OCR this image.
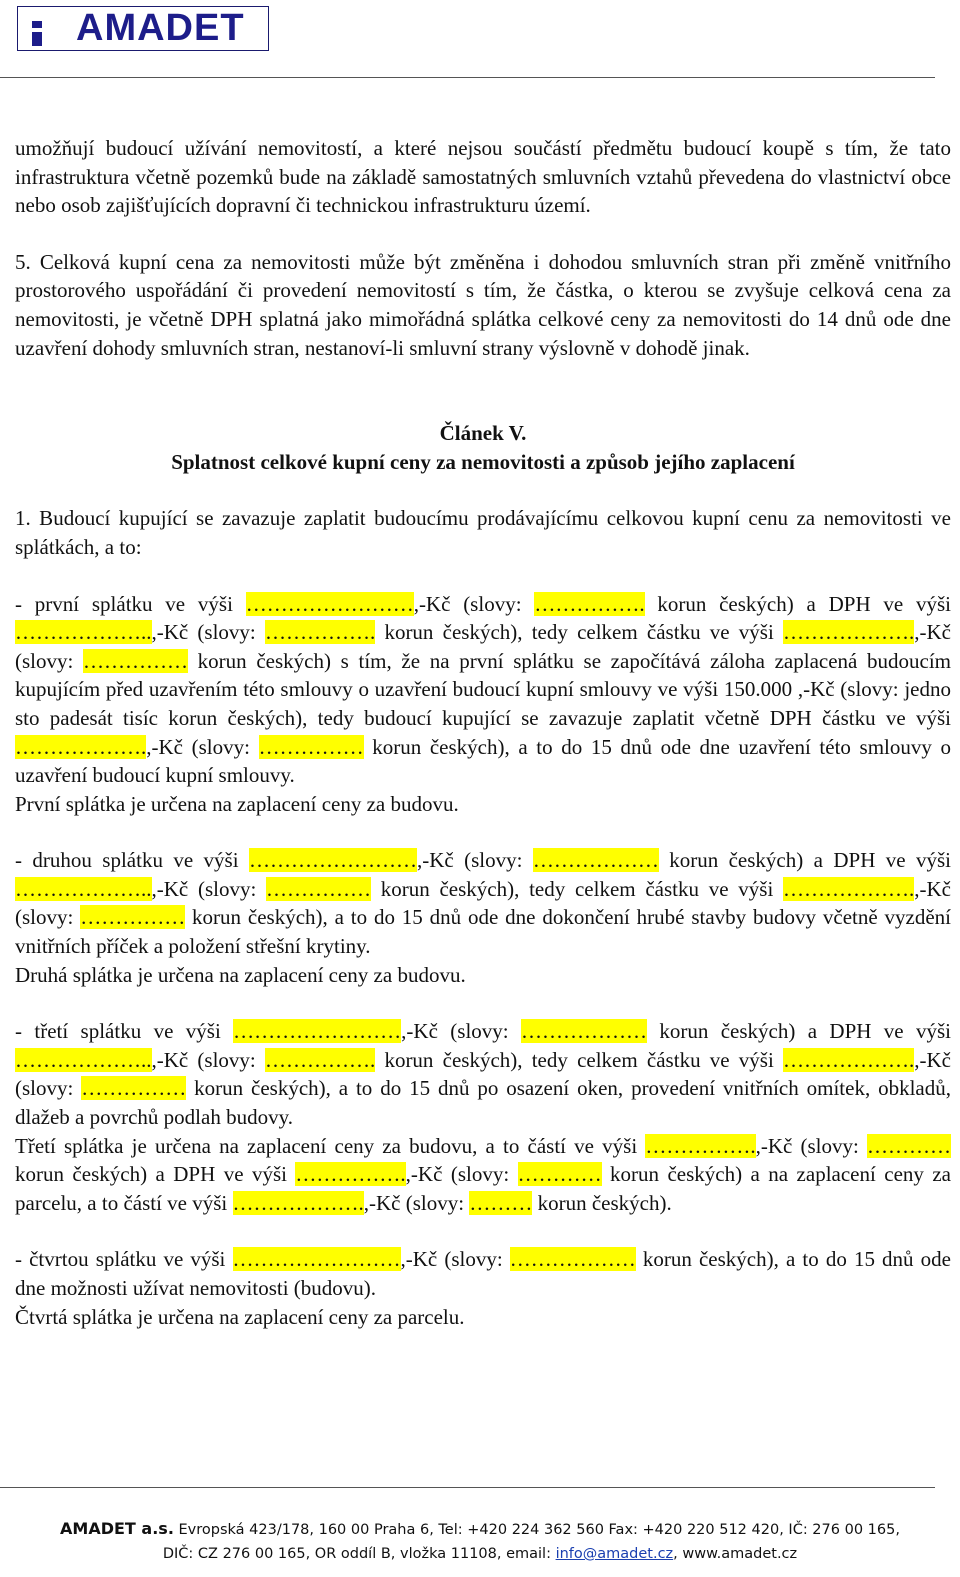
AMADET

umožňují budoucí užívání nemovitostí, a které nejsou součástí předmětu budoucí koupě s tím, že tato infrastruktura včetně pozemků bude na základě samostatných smluvních vztahů převedena do vlastnictví obce nebo osob zajišťujících dopravní či technickou infrastrukturu území.

5. Celková kupní cena za nemovitosti může být změněna i dohodou smluvních stran při změně vnitřního prostorového uspořádání či provedení nemovitostí s tím, že částka, o kterou se zvyšuje celková cena za nemovitosti, je včetně DPH splatná jako mimořádná splátka celkové ceny za nemovitosti do 14 dnů ode dne uzavření dohody smluvních stran, nestanoví-li smluvní strany výslovně v dohodě jinak.

Článek V.

Splatnost celkové kupní ceny za nemovitosti a způsob jejího zaplacení

1. Budoucí kupující se zavazuje zaplatit budoucímu prodávajícímu celkovou kupní cenu za nemovitosti ve splátkách, a to:

- první splátku ve výši ……………………,-Kč (slovy: ……………. korun českých) a DPH ve výši ………………..,-Kč (slovy: ……………. korun českých), tedy celkem částku ve výši ……………….,-Kč (slovy: …………… korun českých) s tím, že na první splátku se započítává záloha zaplacená budoucím kupujícím před uzavřením této smlouvy o uzavření budoucí kupní smlouvy ve výši 150.000 ,-Kč (slovy: jedno sto padesát tisíc korun českých), tedy budoucí kupující se zavazuje zaplatit včetně DPH částku ve výši ……………….,-Kč (slovy: …………… korun českých), a to do 15 dnů ode dne uzavření této smlouvy o uzavření budoucí kupní smlouvy.

První splátka je určena na zaplacení ceny za budovu.

- druhou splátku ve výši ……………………,-Kč (slovy: ……………… korun českých) a DPH ve výši ………………..,-Kč (slovy: …………… korun českých), tedy celkem částku ve výši ……………….,-Kč (slovy: …………… korun českých), a to do 15 dnů ode dne dokončení hrubé stavby budovy včetně vyzdění vnitřních příček a položení střešní krytiny.

Druhá splátka je určena na zaplacení ceny za budovu.

- třetí splátku ve výši ……………………,-Kč (slovy: ……………… korun českých) a DPH ve výši ………………..,-Kč (slovy: ……………. korun českých), tedy celkem částku ve výši ……………….,-Kč (slovy: …………… korun českých), a to do 15 dnů po osazení oken, provedení vnitřních omítek, obkladů, dlažeb a povrchů podlah budovy.

Třetí splátka je určena na zaplacení ceny za budovu, a to částí ve výši …………….,-Kč (slovy: ………… korun českých) a DPH ve výši …………….,-Kč (slovy: ………… korun českých) a na zaplacení ceny za parcelu, a to částí ve výši ……………….,-Kč (slovy: ……… korun českých).

- čtvrtou splátku ve výši ……………………,-Kč (slovy: ……………… korun českých), a to do 15 dnů ode dne možnosti užívat nemovitosti (budovu).

Čtvrtá splátka je určena na zaplacení ceny za parcelu.

AMADET a.s. Evropská 423/178, 160 00 Praha 6, Tel: +420 224 362 560 Fax: +420 220 512 420, IČ: 276 00 165,
DIČ: CZ 276 00 165, OR oddíl B, vložka 11108, email: info@amadet.cz, www.amadet.cz
